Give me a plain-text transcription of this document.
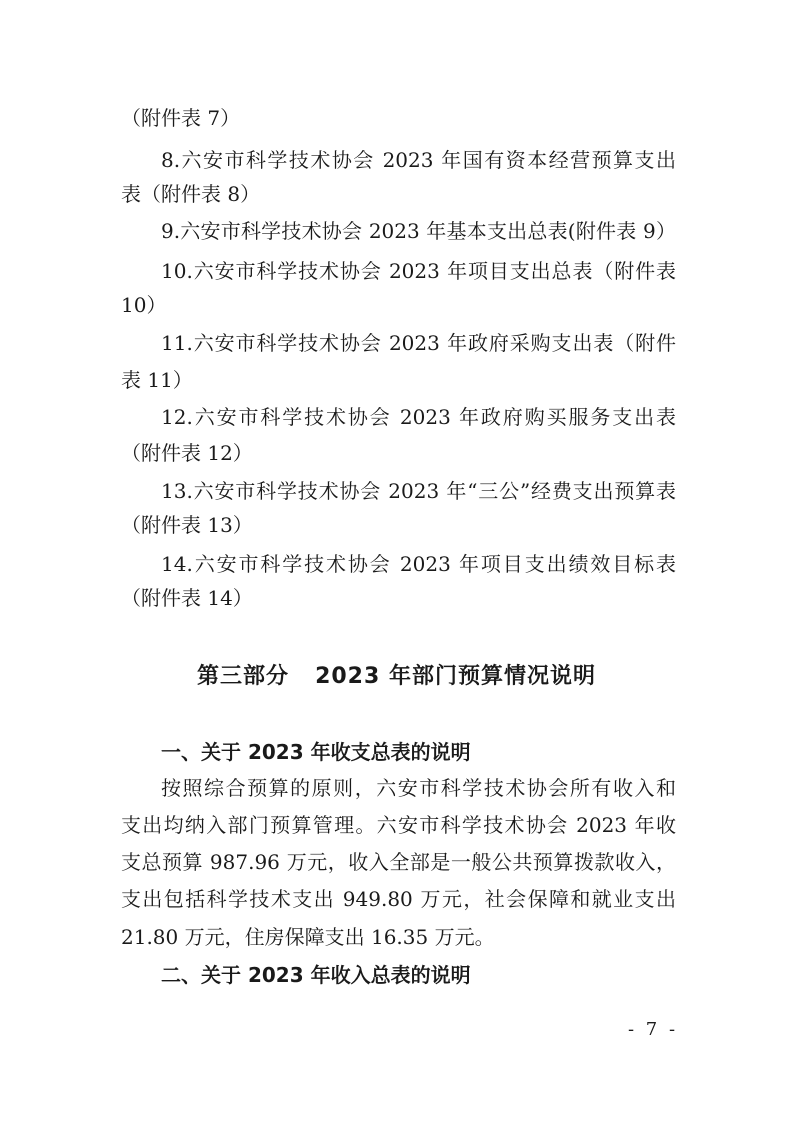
（附件表 7）
8.六安市科学技术协会 2023 年国有资本经营预算支出
表（附件表 8）
9.六安市科学技术协会 2023 年基本支出总表(附件表 9）
10.六安市科学技术协会 2023 年项目支出总表（附件表
10）
11.六安市科学技术协会 2023 年政府采购支出表（附件
表 11）
12.六安市科学技术协会 2023 年政府购买服务支出表
（附件表 12）
13.六安市科学技术协会 2023 年“三公”经费支出预算表
（附件表 13）
14.六安市科学技术协会 2023 年项目支出绩效目标表
（附件表 14）
第三部分 2023 年部门预算情况说明
一、关于 2023 年收支总表的说明
按照综合预算的原则，六安市科学技术协会所有收入和
支出均纳入部门预算管理。六安市科学技术协会 2023 年收
支总预算 987.96 万元，收入全部是一般公共预算拨款收入，
支出包括科学技术支出 949.80 万元，社会保障和就业支出
21.80 万元，住房保障支出 16.35 万元。
二、关于 2023 年收入总表的说明
- 7 -
